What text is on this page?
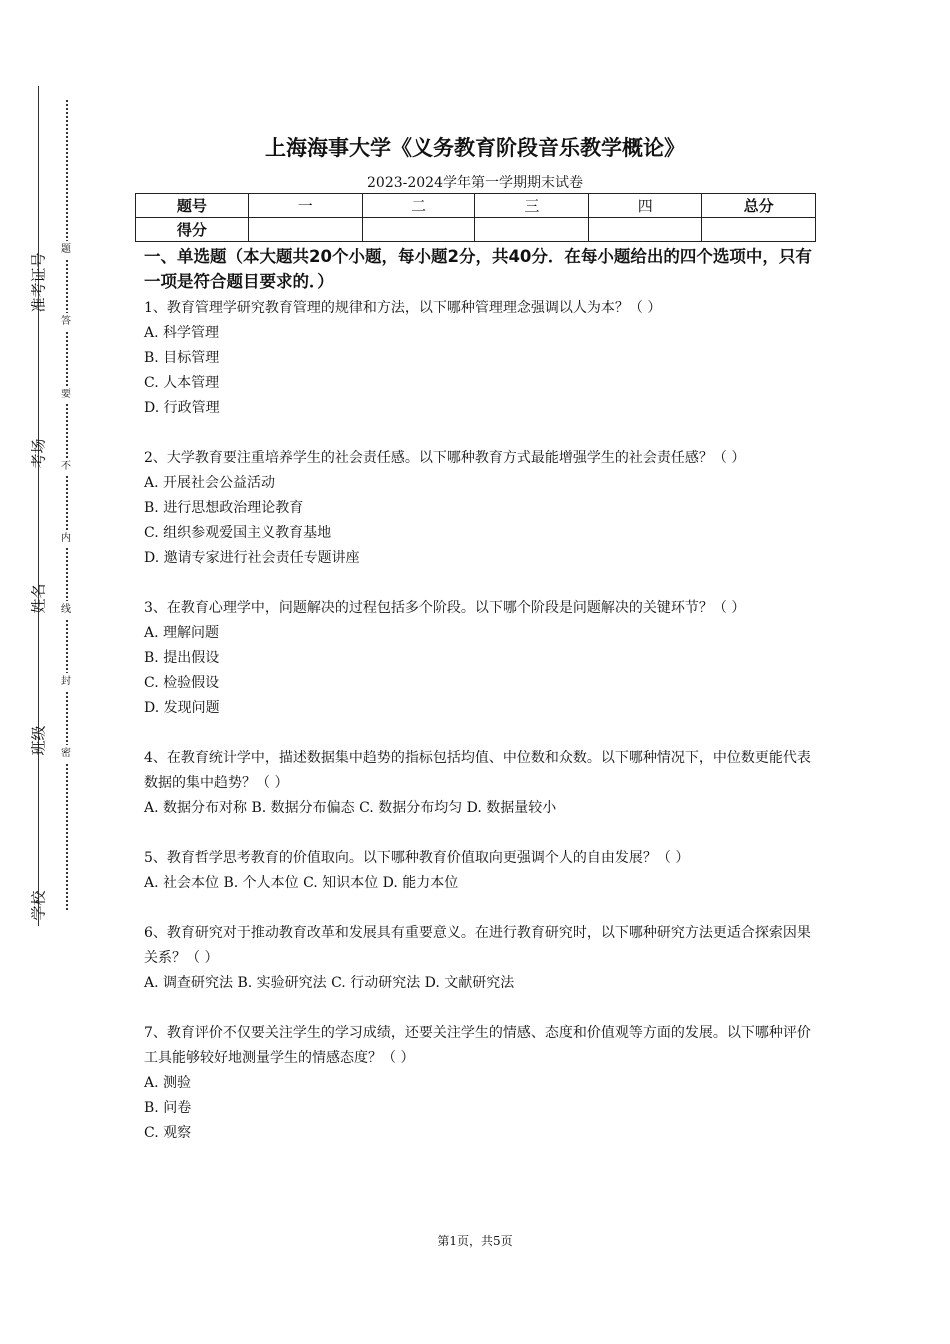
准考证号
考场
姓名
班级
学校
题
答
要
不
内
线
封
密
上海海事大学《义务教育阶段音乐教学概论》
2023-2024学年第一学期期末试卷
题号	一	二	三	四	总分
得分					

一、单选题（本大题共20个小题，每小题2分，共40分．在每小题给出的四个选项中，只有一项是符合题目要求的．）

1、教育管理学研究教育管理的规律和方法，以下哪种管理理念强调以人为本？（ ）

A. 科学管理

B. 目标管理

C. 人本管理

D. 行政管理

2、大学教育要注重培养学生的社会责任感。以下哪种教育方式最能增强学生的社会责任感？（ ）

A. 开展社会公益活动

B. 进行思想政治理论教育

C. 组织参观爱国主义教育基地

D. 邀请专家进行社会责任专题讲座

3、在教育心理学中，问题解决的过程包括多个阶段。以下哪个阶段是问题解决的关键环节？（ ）

A. 理解问题

B. 提出假设

C. 检验假设

D. 发现问题

4、在教育统计学中，描述数据集中趋势的指标包括均值、中位数和众数。以下哪种情况下，中位数更能代表数据的集中趋势？（ ）

A. 数据分布对称 B. 数据分布偏态 C. 数据分布均匀 D. 数据量较小

5、教育哲学思考教育的价值取向。以下哪种教育价值取向更强调个人的自由发展？（ ）

A. 社会本位 B. 个人本位 C. 知识本位 D. 能力本位

6、教育研究对于推动教育改革和发展具有重要意义。在进行教育研究时，以下哪种研究方法更适合探索因果关系？（ ）

A. 调查研究法 B. 实验研究法 C. 行动研究法 D. 文献研究法

7、教育评价不仅要关注学生的学习成绩，还要关注学生的情感、态度和价值观等方面的发展。以下哪种评价工具能够较好地测量学生的情感态度？（ ）

A. 测验

B. 问卷

C. 观察

第1页，共5页
